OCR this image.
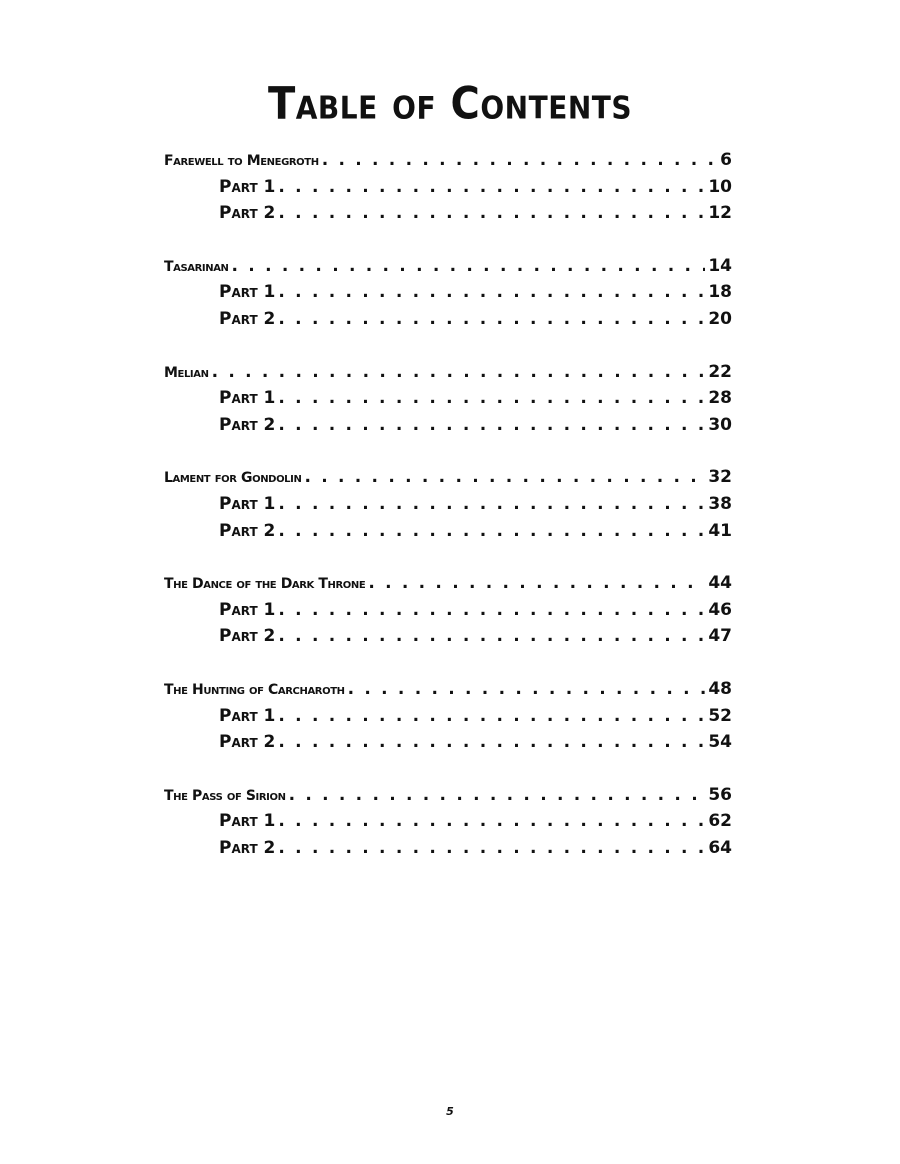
Table of Contents
Farewell to Menegroth . . .	6
Part 1 . . .	10
Part 2 . . .	12
Tasarinan . . .	14
Part 1 . . .	18
Part 2 . . .	20
Melian . . .	22
Part 1 . . .	28
Part 2 . . .	30
Lament for Gondolin . . .	32
Part 1 . . .	38
Part 2 . . .	41
The Dance of the Dark Throne . . .	44
Part 1 . . .	46
Part 2 . . .	47
The Hunting of Carcharoth . . .	48
Part 1 . . .	52
Part 2 . . .	54
The Pass of Sirion . . .	56
Part 1 . . .	62
Part 2 . . .	64
5
